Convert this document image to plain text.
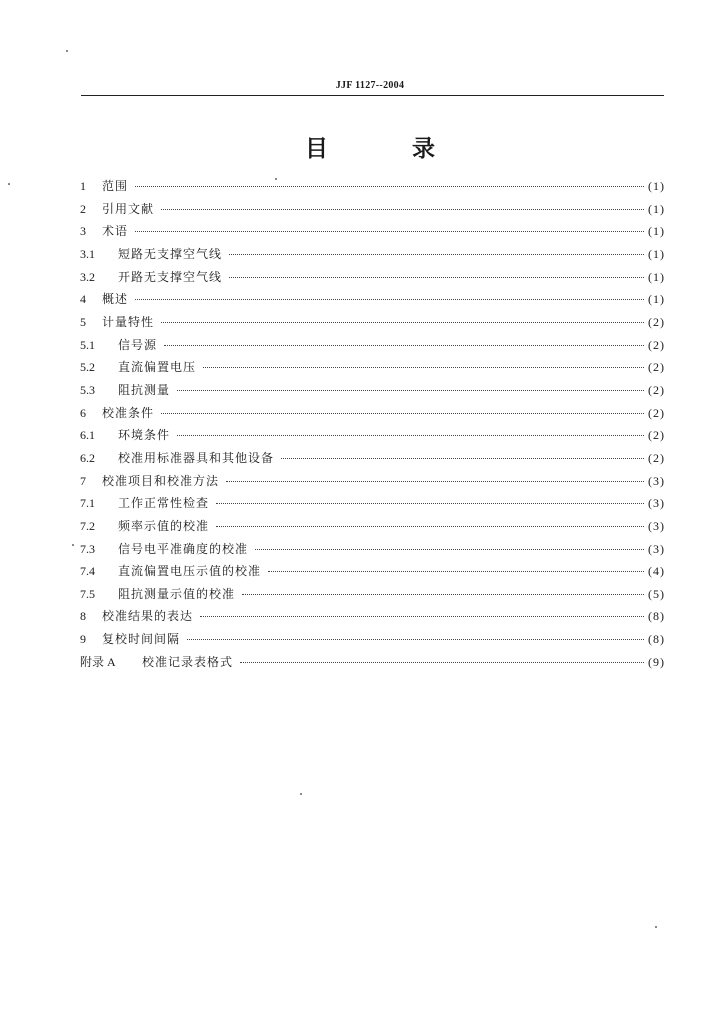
JJF 1127--2004
目 录
1	范围	(1)
2	引用文献	(1)
3	术语	(1)
3.1	短路无支撑空气线	(1)
3.2	开路无支撑空气线	(1)
4	概述	(1)
5	计量特性	(2)
5.1	信号源	(2)
5.2	直流偏置电压	(2)
5.3	阻抗测量	(2)
6	校准条件	(2)
6.1	环境条件	(2)
6.2	校准用标准器具和其他设备	(2)
7	校准项目和校准方法	(3)
7.1	工作正常性检查	(3)
7.2	频率示值的校准	(3)
7.3	信号电平准确度的校准	(3)
7.4	直流偏置电压示值的校准	(4)
7.5	阻抗测量示值的校准	(5)
8	校准结果的表达	(8)
9	复校时间间隔	(8)
附录 A	校准记录表格式	(9)
